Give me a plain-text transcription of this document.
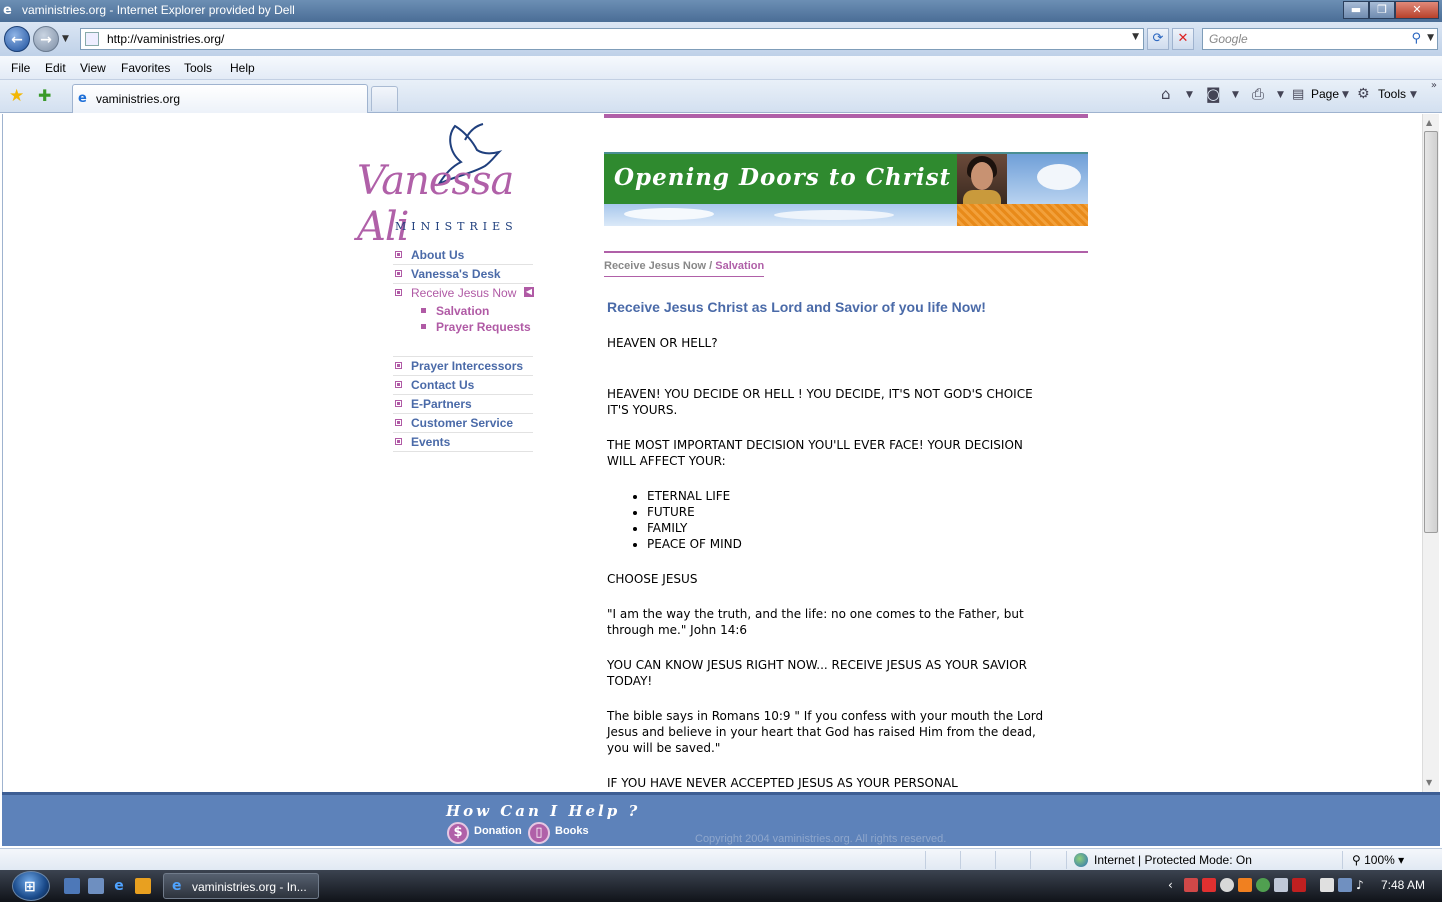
e vaministries.org - Internet Explorer provided by Dell	▬	❐	✕
←	→	▼	http://vaministries.org/	▼	⟳	✕	Google	⚲ ▼
File Edit View Favorites Tools Help
★ ✚ e vaministries.org	⌂ ▼ ◙ ▼ ⎙ ▼ ▤ Page ▼ ⚙ Tools ▼
»
Vanessa Ali
MINISTRIES
About Us
Vanessa's Desk
Receive Jesus Now ◀
Salvation
Prayer Requests
Prayer Intercessors
Contact Us
E-Partners
Customer Service
Events
Opening Doors to Christ
Receive Jesus Now / Salvation
Receive Jesus Christ as Lord and Savior of you life Now!

HEAVEN OR HELL?

HEAVEN! YOU DECIDE OR HELL ! YOU DECIDE, IT'S NOT GOD'S CHOICE IT'S YOURS.

THE MOST IMPORTANT DECISION YOU'LL EVER FACE! YOUR DECISION WILL AFFECT YOUR:

• ETERNAL LIFE
• FUTURE
• FAMILY
• PEACE OF MIND

CHOOSE JESUS

"I am the way the truth, and the life: no one comes to the Father, but through me." John 14:6

YOU CAN KNOW JESUS RIGHT NOW... RECEIVE JESUS AS YOUR SAVIOR TODAY!

The bible says in Romans 10:9 " If you confess with your mouth the Lord Jesus and believe in your heart that God has raised Him from the dead, you will be saved."

IF YOU HAVE NEVER ACCEPTED JESUS AS YOUR PERSONAL

▲
▼
How Can I Help ?
$	Donation	▯	Books
Copyright 2004 vaministries.org. All rights reserved.
Internet | Protected Mode: On	⚲ 100% ▾
⊞	e	e vaministries.org - In...	‹	♪	7:48 AM
